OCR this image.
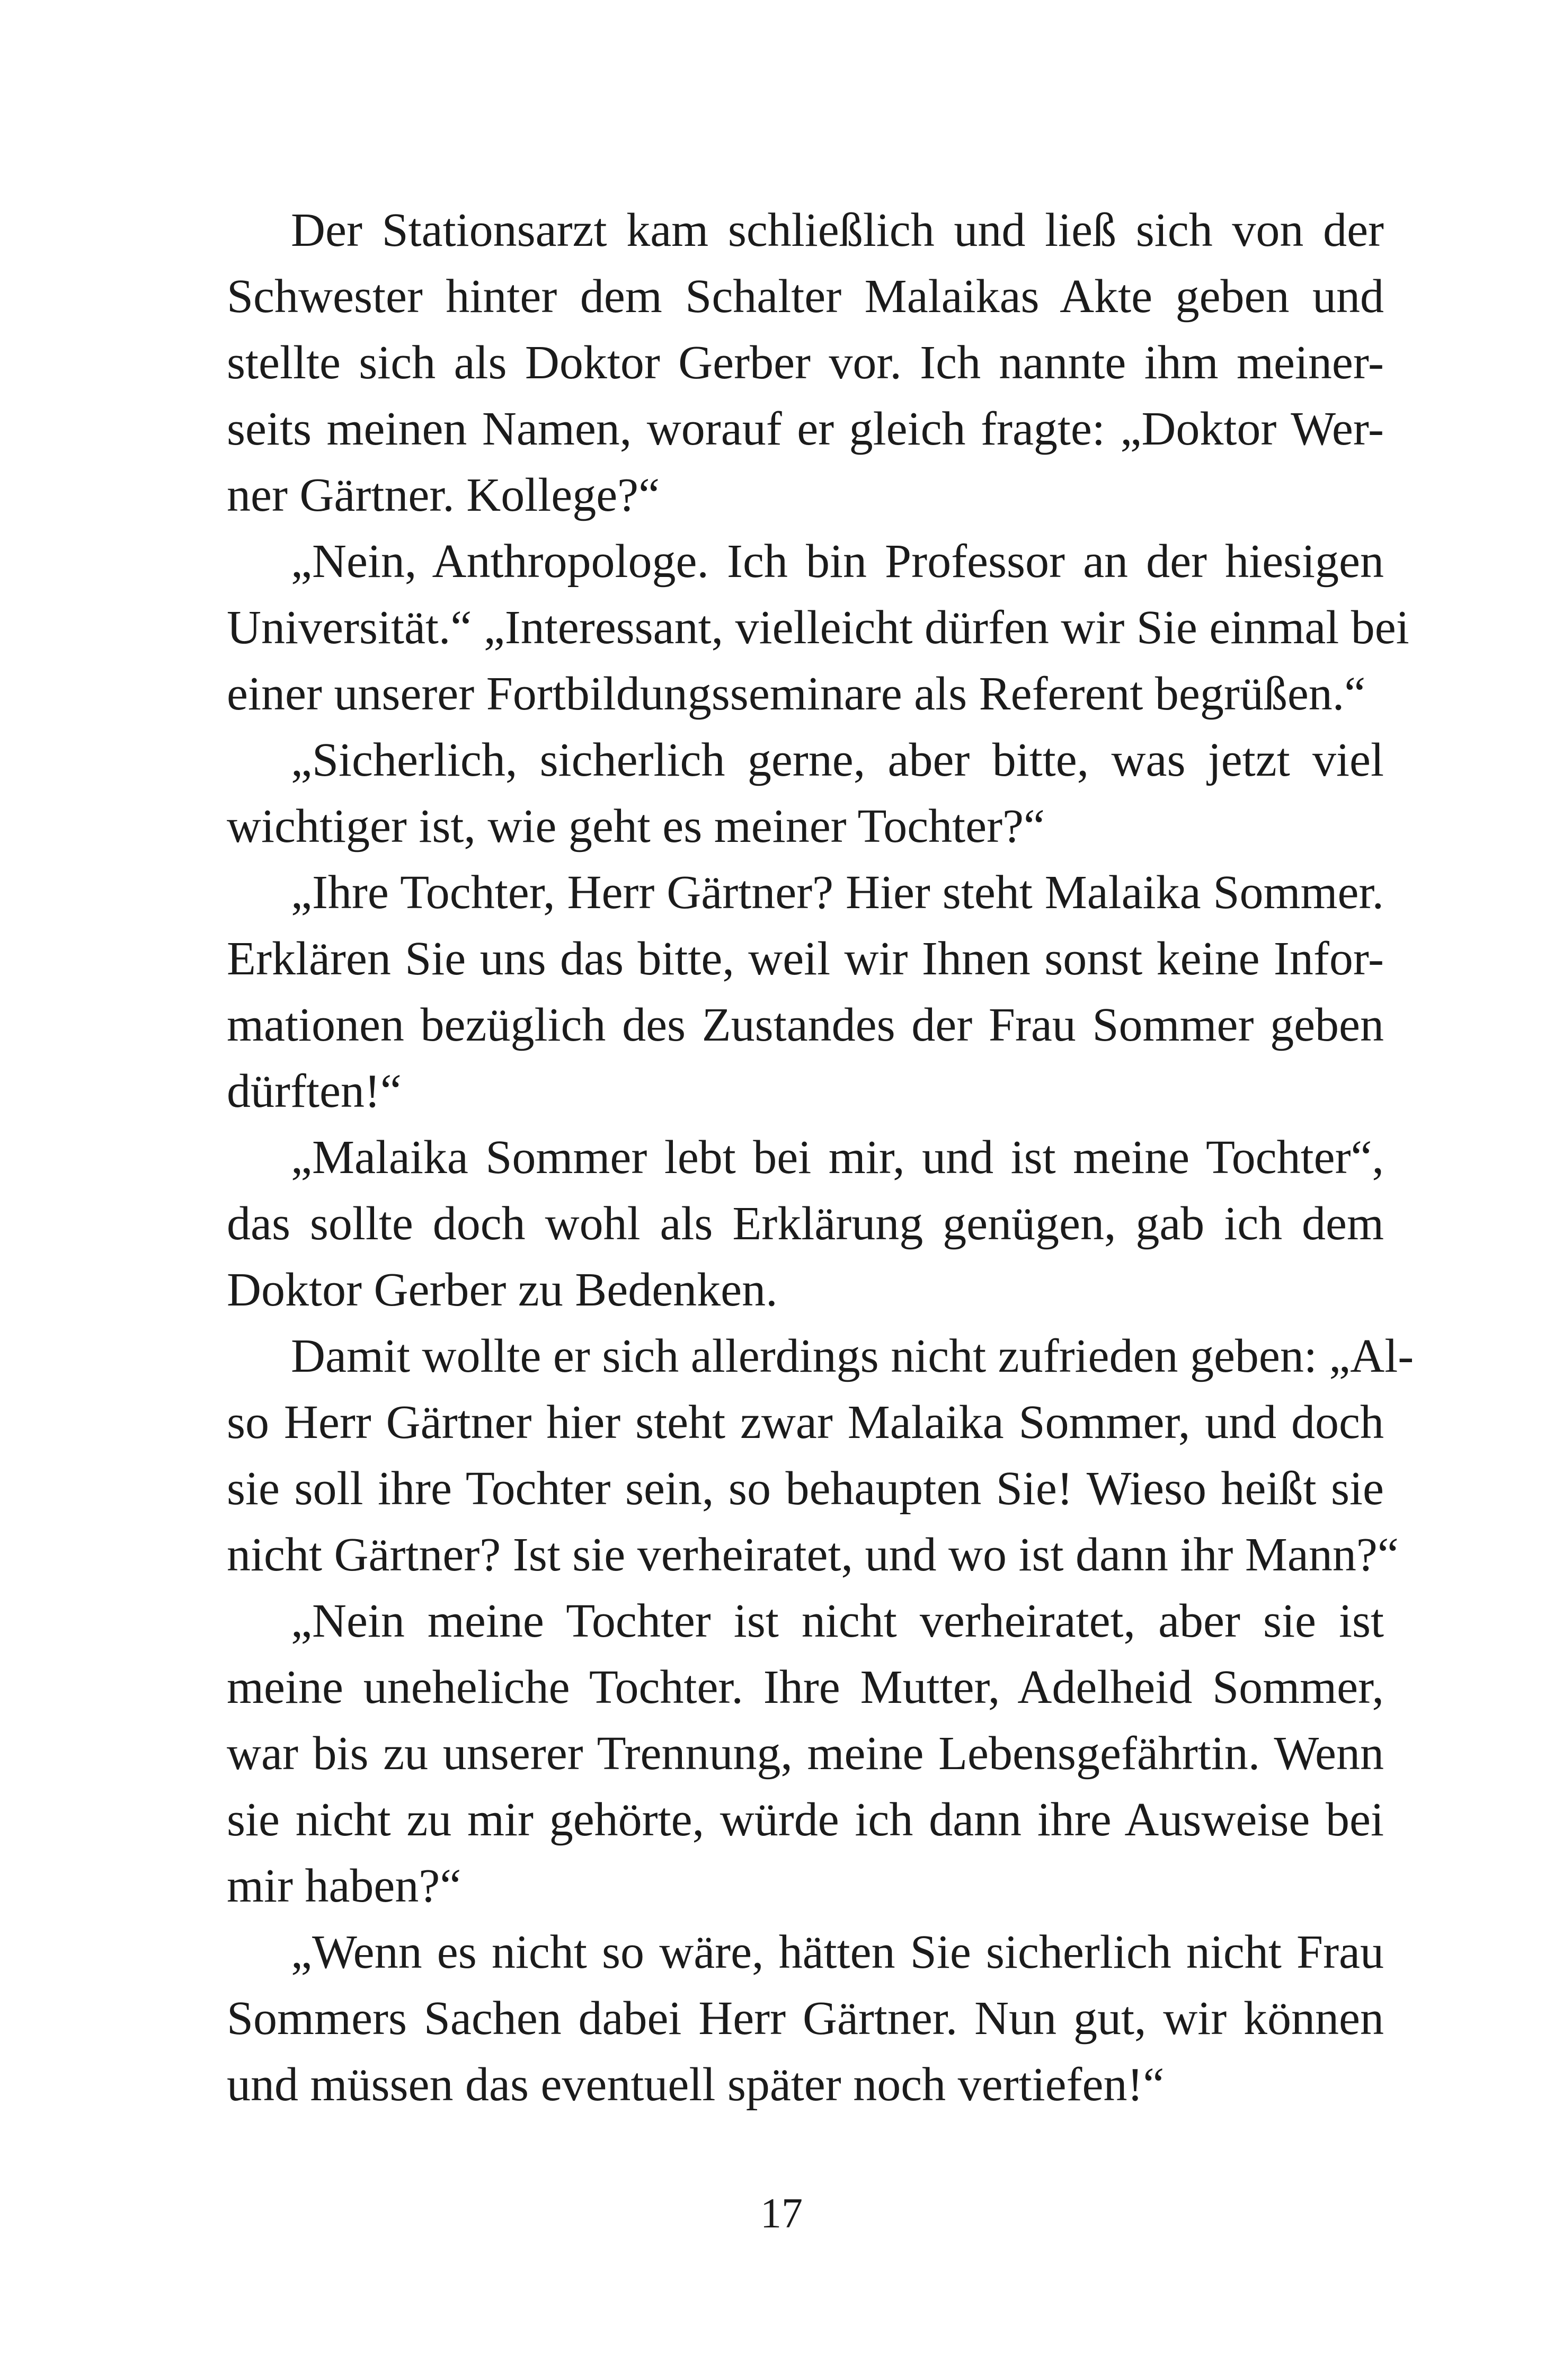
Der Stationsarzt kam schließlich und ließ sich von der
Schwester hinter dem Schalter Malaikas Akte geben und
stellte sich als Doktor Gerber vor. Ich nannte ihm meiner-
seits meinen Namen, worauf er gleich fragte: „Doktor Wer-
ner Gärtner. Kollege?“

„Nein, Anthropologe. Ich bin Professor an der hiesigen
Universität.“ „Interessant, vielleicht dürfen wir Sie einmal bei
einer unserer Fortbildungsseminare als Referent begrüßen.“

„Sicherlich, sicherlich gerne, aber bitte, was jetzt viel
wichtiger ist, wie geht es meiner Tochter?“

„Ihre Tochter, Herr Gärtner? Hier steht Malaika Sommer.
Erklären Sie uns das bitte, weil wir Ihnen sonst keine Infor-
mationen bezüglich des Zustandes der Frau Sommer geben
dürften!“

„Malaika Sommer lebt bei mir, und ist meine Tochter“,
das sollte doch wohl als Erklärung genügen, gab ich dem
Doktor Gerber zu Bedenken.

Damit wollte er sich allerdings nicht zufrieden geben: „Al-
so Herr Gärtner hier steht zwar Malaika Sommer, und doch
sie soll ihre Tochter sein, so behaupten Sie! Wieso heißt sie
nicht Gärtner? Ist sie verheiratet, und wo ist dann ihr Mann?“

„Nein meine Tochter ist nicht verheiratet, aber sie ist
meine uneheliche Tochter. Ihre Mutter, Adelheid Sommer,
war bis zu unserer Trennung, meine Lebensgefährtin. Wenn
sie nicht zu mir gehörte, würde ich dann ihre Ausweise bei
mir haben?“

„Wenn es nicht so wäre, hätten Sie sicherlich nicht Frau
Sommers Sachen dabei Herr Gärtner. Nun gut, wir können
und müssen das eventuell später noch vertiefen!“

17
